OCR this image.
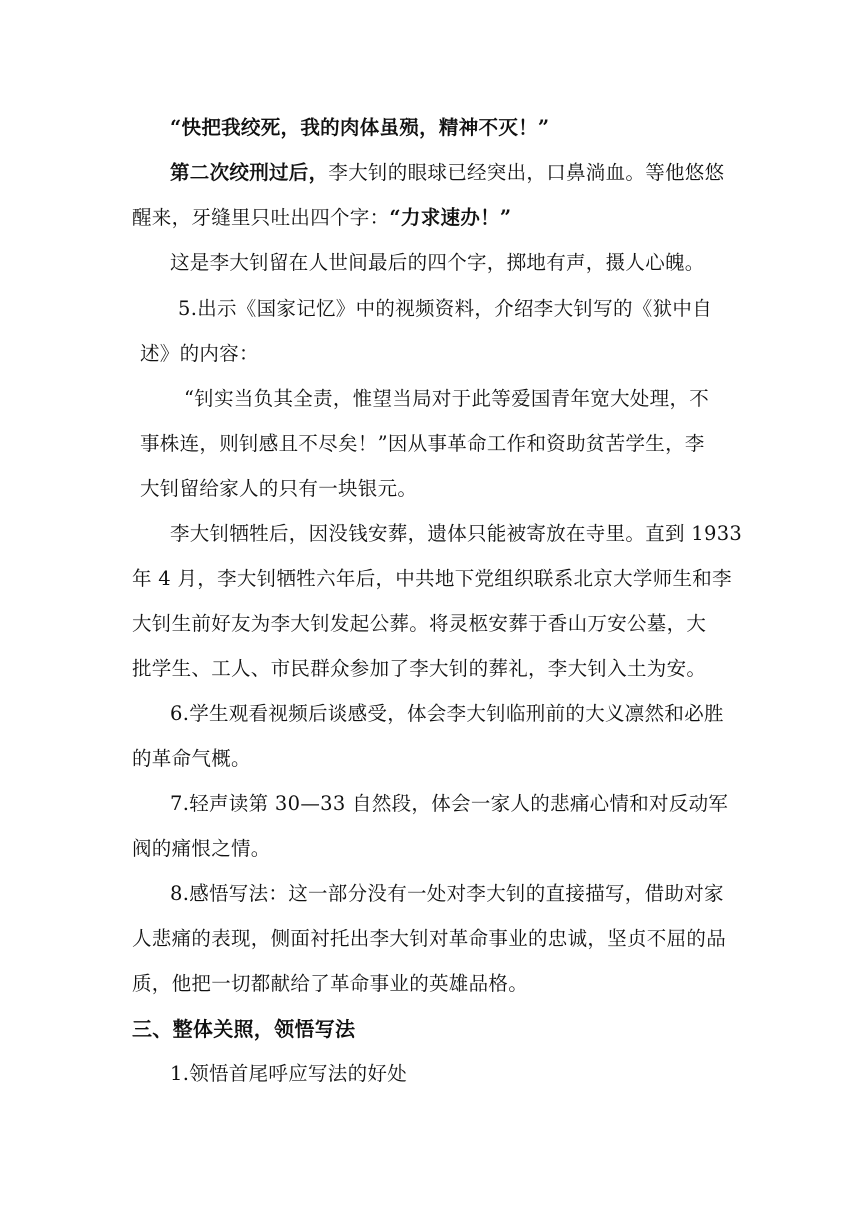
“快把我绞死，我的肉体虽殒，精神不灭！”
第二次绞刑过后，李大钊的眼球已经突出，口鼻淌血。等他悠悠
醒来，牙缝里只吐出四个字：“力求速办！”
这是李大钊留在人世间最后的四个字，掷地有声，摄人心魄。
5.出示《国家记忆》中的视频资料，介绍李大钊写的《狱中自
述》的内容：
“钊实当负其全责，惟望当局对于此等爱国青年宽大处理，不
事株连，则钊感且不尽矣！”因从事革命工作和资助贫苦学生，李
大钊留给家人的只有一块银元。
李大钊牺牲后，因没钱安葬，遗体只能被寄放在寺里。直到 1933
年 4 月，李大钊牺牲六年后，中共地下党组织联系北京大学师生和李
大钊生前好友为李大钊发起公葬。将灵柩安葬于香山万安公墓，大
批学生、工人、市民群众参加了李大钊的葬礼，李大钊入土为安。
6.学生观看视频后谈感受，体会李大钊临刑前的大义凛然和必胜
的革命气概。
7.轻声读第 30—33 自然段，体会一家人的悲痛心情和对反动军
阀的痛恨之情。
8.感悟写法：这一部分没有一处对李大钊的直接描写，借助对家
人悲痛的表现，侧面衬托出李大钊对革命事业的忠诚，坚贞不屈的品
质，他把一切都献给了革命事业的英雄品格。
三、整体关照，领悟写法
1.领悟首尾呼应写法的好处
